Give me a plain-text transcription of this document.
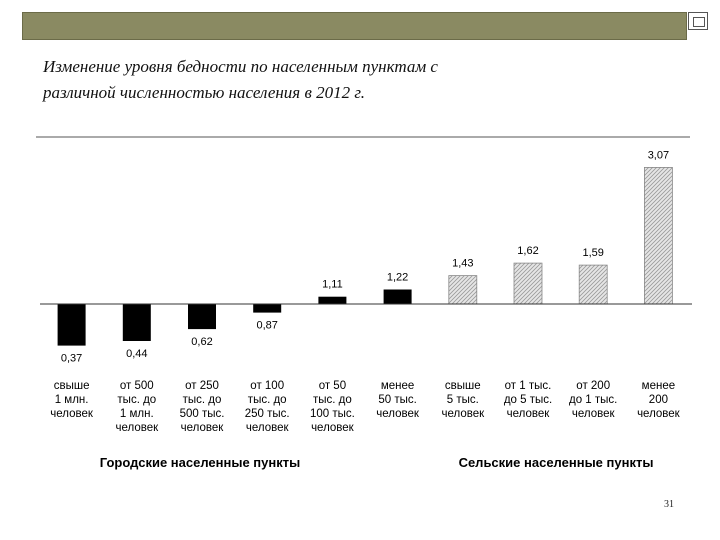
Изменение уровня бедности по населенным пунктам с
различной численностью населения в 2012 г.
0,37	0,44
0,62
0,87
1,11
1,22
1,43
1,62	1,59
3,07
свыше
1 млн.
человек
от 500
тыс. до
1 млн.
человек
от 250
тыс. до
500 тыс.
человек
от 100
тыс. до
250 тыс.
человек
от 50
тыс. до
100 тыс.
человек
менее
50 тыс.
человек
свыше
5 тыс.
человек
от 1 тыс.
до 5 тыс.
человек
от 200
до 1 тыс.
человек
менее
200
человек
Городские населенные пункты	Сельские населенные пункты
31
